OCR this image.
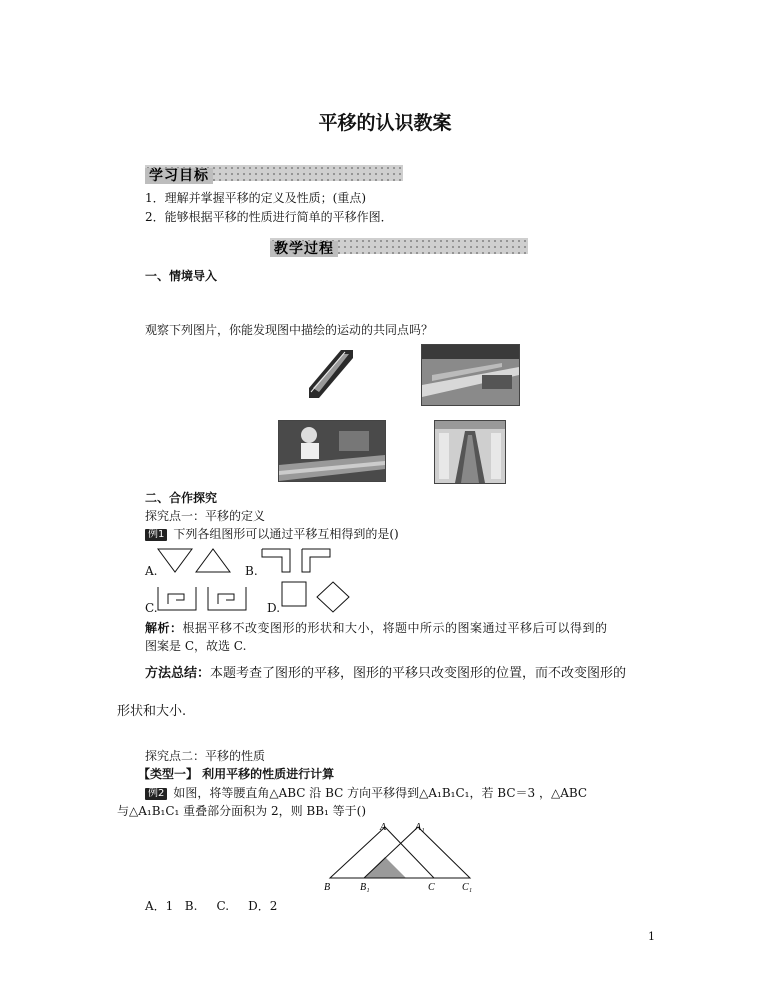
平移的认识教案
学习目标
1．理解并掌握平移的定义及性质；(重点)
2．能够根据平移的性质进行简单的平移作图．
教学过程
一、情境导入
观察下列图片，你能发现图中描绘的运动的共同点吗？
二、合作探究
探究点一：平移的定义
例1 下列各组图形可以通过平移互相得到的是()
A.	B.
C.	D.
解析：根据平移不改变图形的形状和大小，将题中所示的图案通过平移后可以得到的
图案是 C，故选 C.
方法总结：本题考查了图形的平移，图形的平移只改变图形的位置，而不改变图形的
形状和大小.
探究点二：平移的性质
【类型一】 利用平移的性质进行计算
例2 如图，将等腰直角△ABC 沿 BC 方向平移得到△A₁B₁C₁，若 BC＝3 ，△ABC
与△A₁B₁C₁ 重叠部分面积为 2，则 BB₁ 等于()
A	A₁
B	B₁	C	C₁
A．1   B.     C.     D．2
1
